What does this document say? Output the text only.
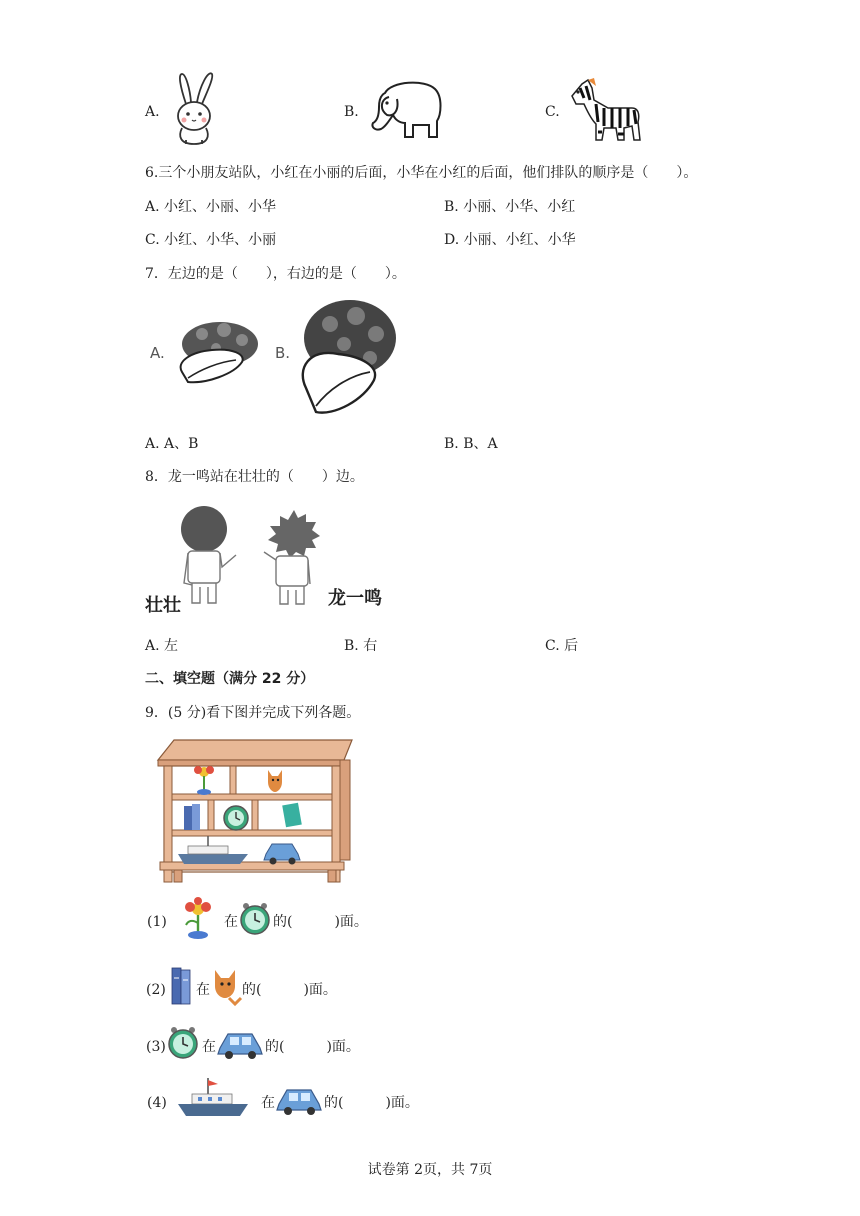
A.	B.	C.
6.三个小朋友站队，小红在小丽的后面，小华在小红的后面，他们排队的顺序是（　　）。
A. 小红、小丽、小华	B. 小丽、小华、小红
C. 小红、小华、小丽	D. 小丽、小红、小华
7．左边的是（　　），右边的是（　　）。
A.	B.
A. A、B	B. B、A
8．龙一鸣站在壮壮的（　　）边。
壮壮	龙一鸣
A. 左	B. 右	C. 后
二、填空题（满分 22 分）
9．(5 分)看下图并完成下列各题。
(1)	在	的(　　　)面。
(2) 在 的(　　　)面。
(3)	在	的(　　　)面。
(4)	在	的(　　　)面。
试卷第 2页，共 7页
